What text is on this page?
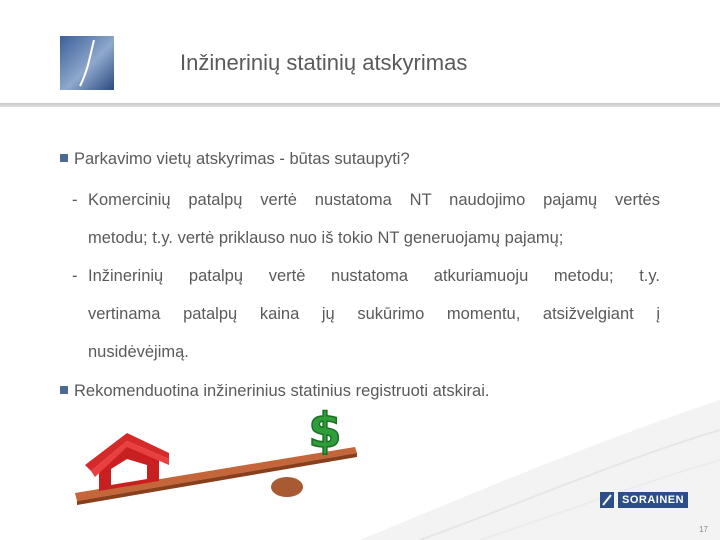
Inžinerinių statinių atskyrimas
Parkavimo vietų atskyrimas - būtas sutaupyti?
- Komercinių patalpų vertė nustatoma NT naudojimo pajamų vertės
metodu; t.y. vertė priklauso nuo iš tokio NT generuojamų pajamų;
- Inžinerinių patalpų vertė nustatoma atkuriamuoju metodu; t.y.
vertinama patalpų kaina jų sukūrimo momentu, atsižvelgiant į
nusidėvėjimą.
Rekomenduotina inžinerinius statinius registruoti atskirai.
$
SORAINEN
17
